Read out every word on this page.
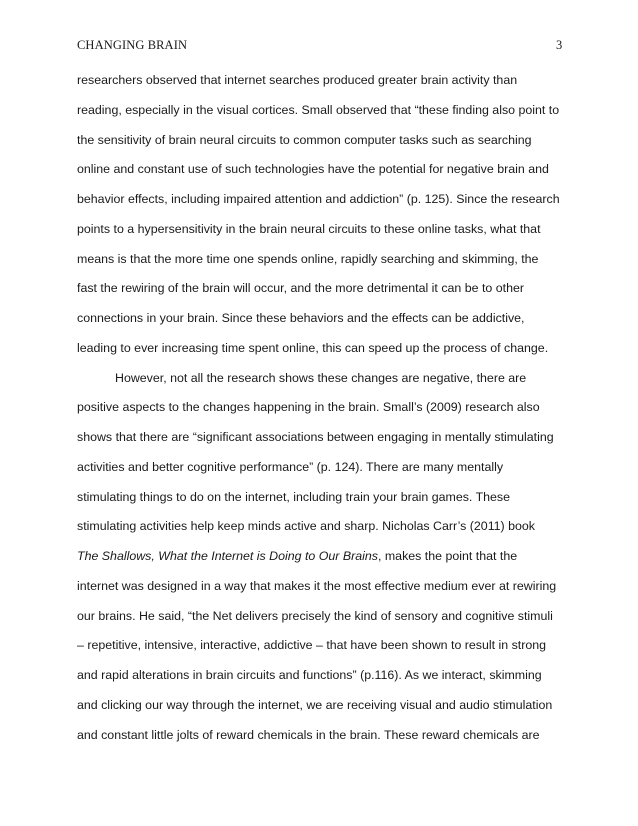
CHANGING BRAIN	3
researchers observed that internet searches produced greater brain activity than
reading, especially in the visual cortices. Small observed that “these finding also point to
the sensitivity of brain neural circuits to common computer tasks such as searching
online and constant use of such technologies have the potential for negative brain and
behavior effects, including impaired attention and addiction” (p. 125). Since the research
points to a hypersensitivity in the brain neural circuits to these online tasks, what that
means is that the more time one spends online, rapidly searching and skimming, the
fast the rewiring of the brain will occur, and the more detrimental it can be to other
connections in your brain. Since these behaviors and the effects can be addictive,
leading to ever increasing time spent online, this can speed up the process of change.
However, not all the research shows these changes are negative, there are
positive aspects to the changes happening in the brain. Small’s (2009) research also
shows that there are “significant associations between engaging in mentally stimulating
activities and better cognitive performance” (p. 124). There are many mentally
stimulating things to do on the internet, including train your brain games. These
stimulating activities help keep minds active and sharp. Nicholas Carr’s (2011) book
The Shallows, What the Internet is Doing to Our Brains, makes the point that the
internet was designed in a way that makes it the most effective medium ever at rewiring
our brains. He said, “the Net delivers precisely the kind of sensory and cognitive stimuli
– repetitive, intensive, interactive, addictive – that have been shown to result in strong
and rapid alterations in brain circuits and functions” (p.116). As we interact, skimming
and clicking our way through the internet, we are receiving visual and audio stimulation
and constant little jolts of reward chemicals in the brain. These reward chemicals are
